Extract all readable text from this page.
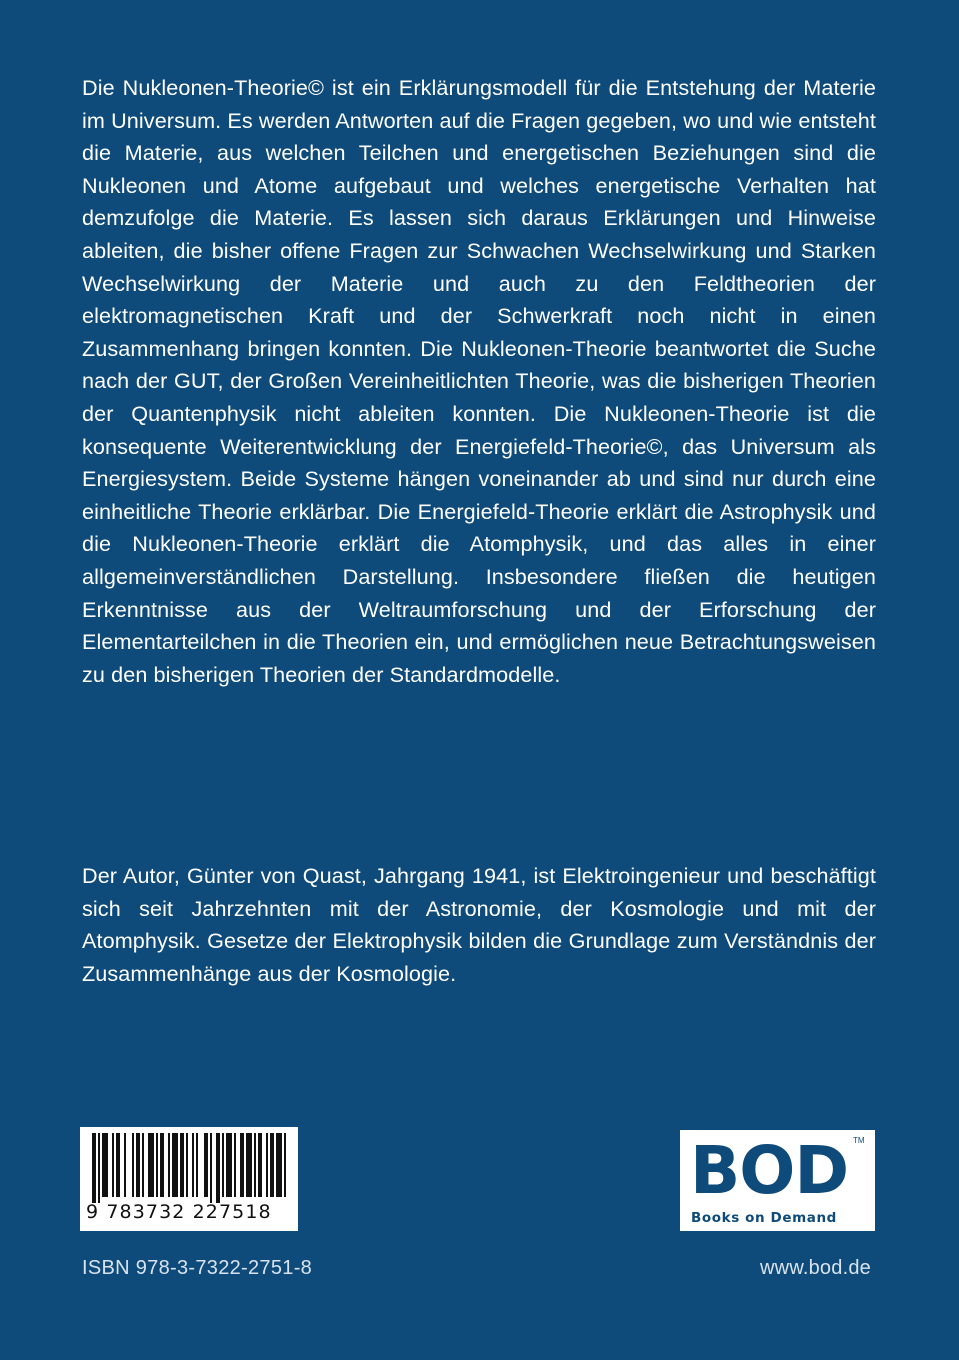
Die Nukleonen-Theorie© ist ein Erklärungsmodell für die Entstehung der Materie im Universum. Es werden Antworten auf die Fragen gegeben, wo und wie entsteht die Materie, aus welchen Teilchen und energetischen Beziehungen sind die Nukleonen und Atome aufgebaut und welches energetische Verhalten hat demzufolge die Materie. Es lassen sich daraus Erklärungen und Hinweise ableiten, die bisher offene Fragen zur Schwachen Wechselwirkung und Starken Wechselwirkung der Materie und auch zu den Feldtheorien der elektromagnetischen Kraft und der Schwerkraft noch nicht in einen Zusammenhang bringen konnten. Die Nukleonen-Theorie beantwortet die Suche nach der GUT, der Großen Vereinheitlichten Theorie, was die bisherigen Theorien der Quantenphysik nicht ableiten konnten. Die Nukleonen-Theorie ist die konsequente Weiterentwicklung der Energiefeld-Theorie©, das Universum als Energiesystem. Beide Systeme hängen voneinander ab und sind nur durch eine einheitliche Theorie erklärbar. Die Energiefeld-Theorie erklärt die Astrophysik und die Nukleonen-Theorie erklärt die Atomphysik, und das alles in einer allgemeinverständlichen Darstellung. Insbesondere fließen die heutigen Erkenntnisse aus der Weltraumforschung und der Erforschung der Elementarteilchen in die Theorien ein, und ermöglichen neue Betrachtungsweisen zu den bisherigen Theorien der Standardmodelle.

Der Autor, Günter von Quast, Jahrgang 1941, ist Elektroingenieur und beschäftigt sich seit Jahrzehnten mit der Astronomie, der Kosmologie und mit der Atomphysik. Gesetze der Elektrophysik bilden die Grundlage zum Verständnis der Zusammenhänge aus der Kosmologie.

9 783732 227518
ISBN 978-3-7322-2751-8
BOD TM
Books on Demand
www.bod.de
